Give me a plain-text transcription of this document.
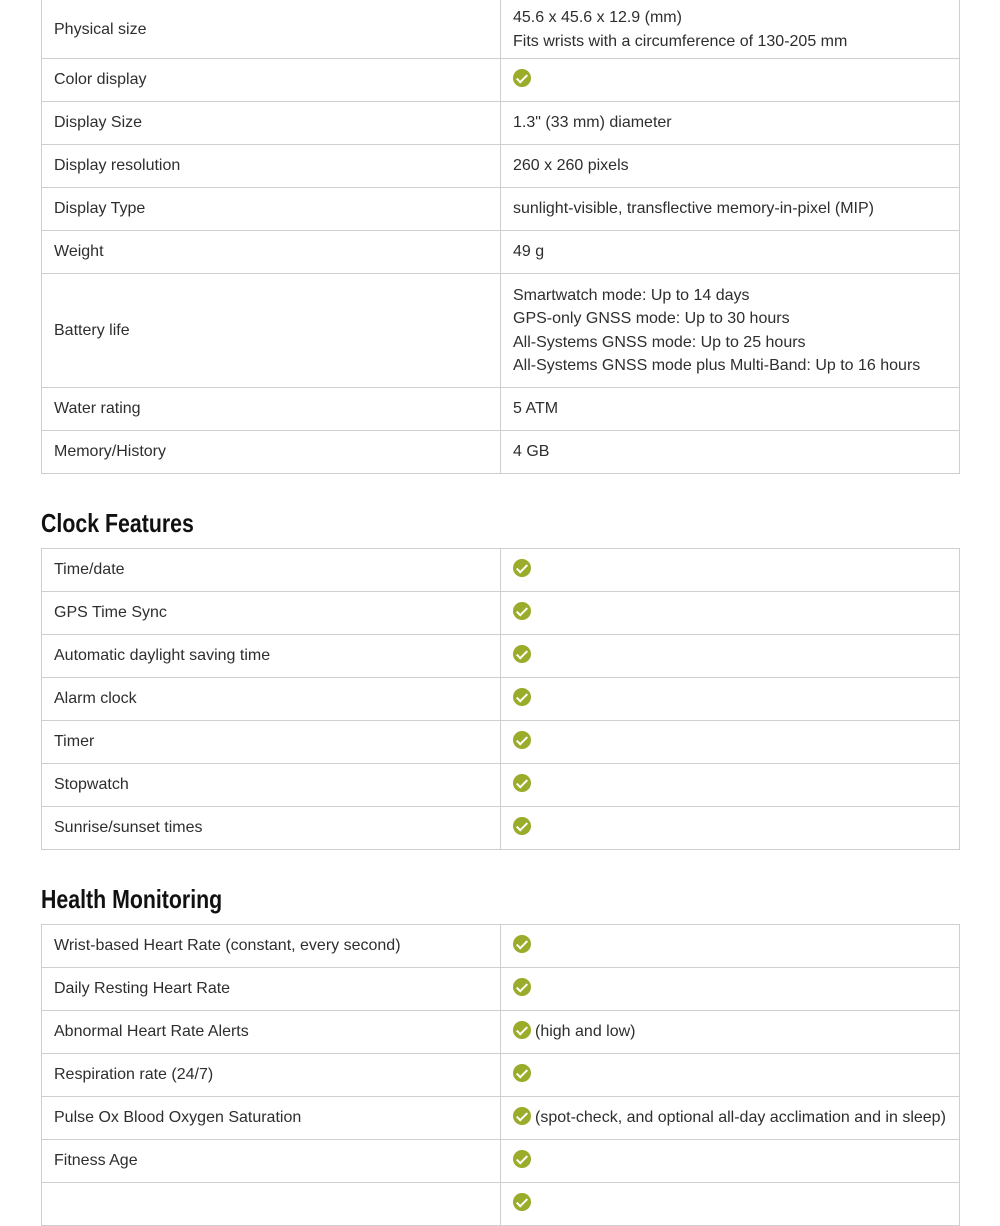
Physical size	45.6 x 45.6 x 12.9 (mm)
Fits wrists with a circumference of 130-205 mm

Color display	
Display Size	1.3" (33 mm) diameter
Display resolution	260 x 260 pixels
Display Type	sunlight-visible, transflective memory-in-pixel (MIP)
Weight	49 g
Battery life	Smartwatch mode: Up to 14 days
GPS-only GNSS mode: Up to 30 hours
All-Systems GNSS mode: Up to 25 hours
All-Systems GNSS mode plus Multi-Band: Up to 16 hours

Water rating	5 ATM
Memory/History	4 GB
Clock Features
Time/date	
GPS Time Sync	
Automatic daylight saving time	
Alarm clock	
Timer	
Stopwatch	
Sunrise/sunset times	
Health Monitoring
Wrist-based Heart Rate (constant, every second)	
Daily Resting Heart Rate	
Abnormal Heart Rate Alerts	(high and low)
Respiration rate (24/7)	
Pulse Ox Blood Oxygen Saturation	(spot-check, and optional all-day acclimation and in sleep)
Fitness Age	
